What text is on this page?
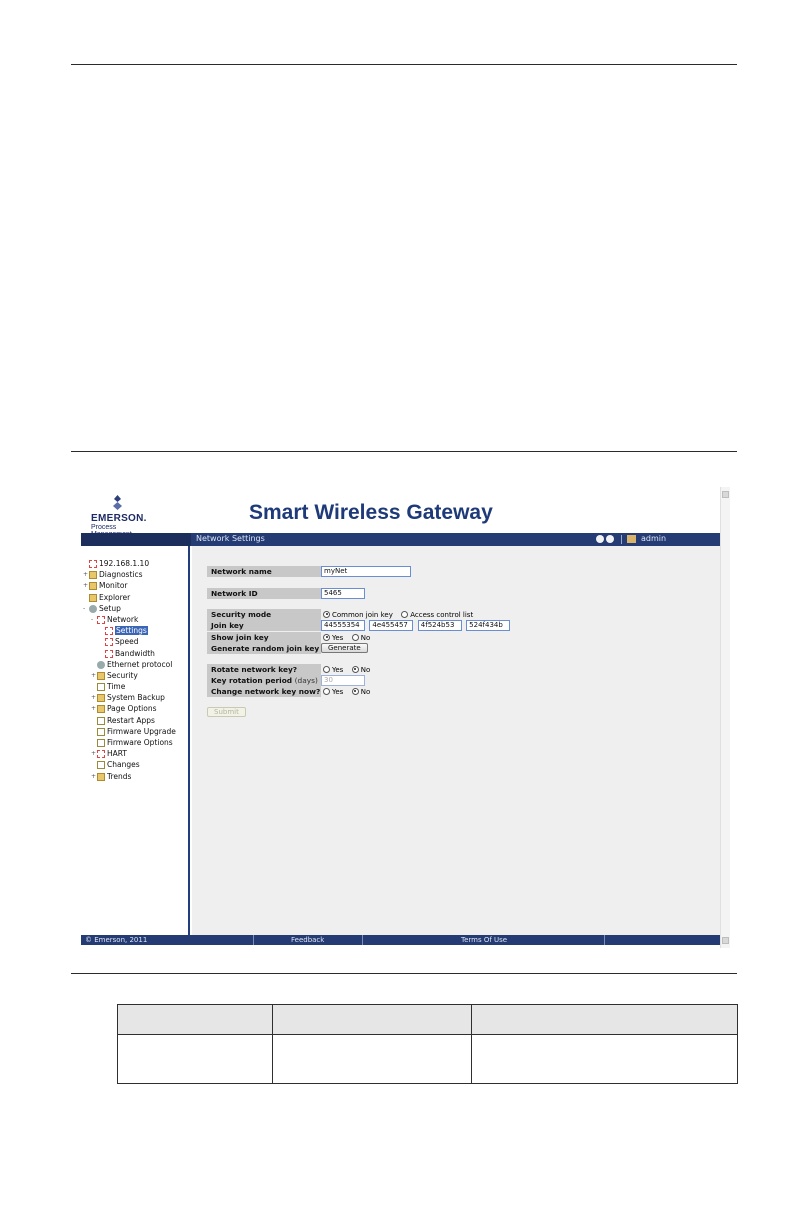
EMERSON.
Process
Smart Wireless Gateway
Network Settings	admin
192.168.1.10
+ Diagnostics
+ Monitor
Explorer
- Setup
- Network
Settings
Speed
Bandwidth
Ethernet protocol
+ Security
Time
+ System Backup
+ Page Options
Restart Apps
Firmware Upgrade
Firmware Options
+ HART
Changes
+ Trends
Network name	myNet
Network ID	5465
Security mode	Common join key Access control list
Join key	44555354 4e455457 4f524b53 524f434b
Show join key	Yes No
Generate random join key	Generate
Rotate network key?	Yes No
Key rotation period (days) 30
Change network key now?	Yes No
Submit
© Emerson, 2011	Feedback	Terms Of Use
